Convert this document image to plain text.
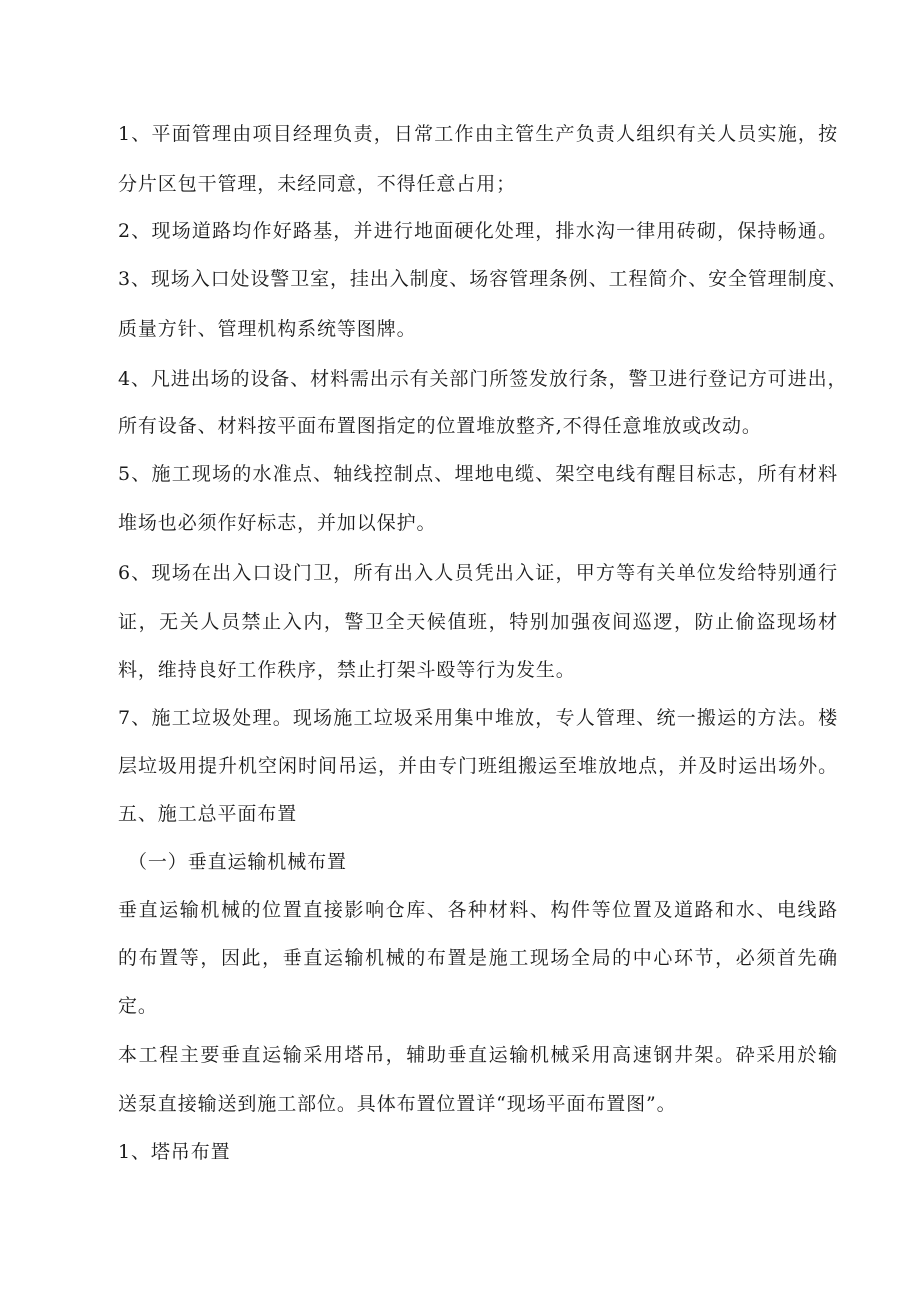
1、平面管理由项目经理负责，日常工作由主管生产负责人组织有关人员实施，按
分片区包干管理，未经同意，不得任意占用；
2、现场道路均作好路基，并进行地面硬化处理，排水沟一律用砖砌，保持畅通。
3、现场入口处设警卫室，挂出入制度、场容管理条例、工程简介、安全管理制度、
质量方针、管理机构系统等图牌。
4、凡进出场的设备、材料需出示有关部门所签发放行条，警卫进行登记方可进出，
所有设备、材料按平面布置图指定的位置堆放整齐,不得任意堆放或改动。
5、施工现场的水准点、轴线控制点、埋地电缆、架空电线有醒目标志，所有材料
堆场也必须作好标志，并加以保护。
6、现场在出入口设门卫，所有出入人员凭出入证，甲方等有关单位发给特别通行
证，无关人员禁止入内，警卫全天候值班，特别加强夜间巡逻，防止偷盗现场材
料，维持良好工作秩序，禁止打架斗殴等行为发生。
7、施工垃圾处理。现场施工垃圾采用集中堆放，专人管理、统一搬运的方法。楼
层垃圾用提升机空闲时间吊运，并由专门班组搬运至堆放地点，并及时运出场外。
五、施工总平面布置
（一）垂直运输机械布置
垂直运输机械的位置直接影响仓库、各种材料、构件等位置及道路和水、电线路
的布置等，因此，垂直运输机械的布置是施工现场全局的中心环节，必须首先确
定。
本工程主要垂直运输采用塔吊，辅助垂直运输机械采用高速钢井架。砕采用於输
送泵直接输送到施工部位。具体布置位置详“现场平面布置图”。
1、塔吊布置
